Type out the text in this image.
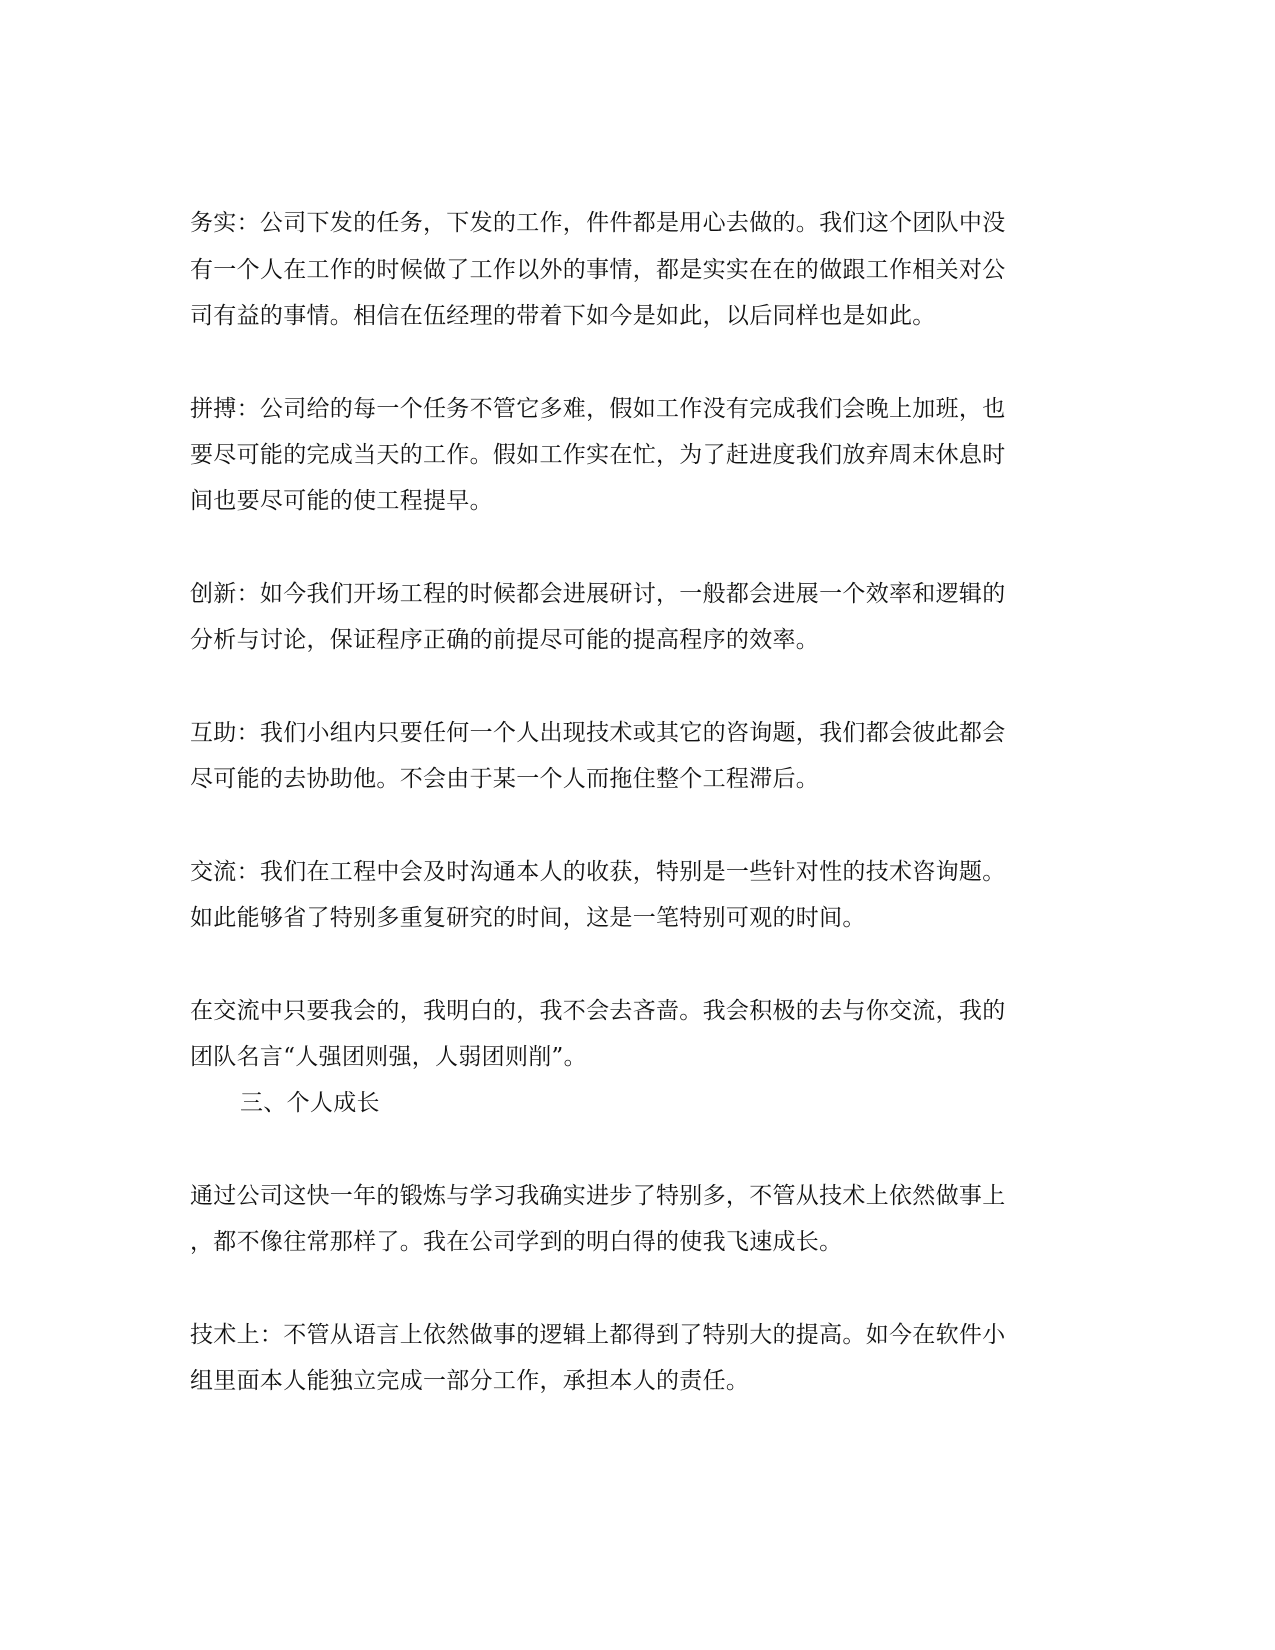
务实：公司下发的任务，下发的工作，件件都是用心去做的。我们这个团队中没

有一个人在工作的时候做了工作以外的事情，都是实实在在的做跟工作相关对公

司有益的事情。相信在伍经理的带着下如今是如此，以后同样也是如此。

拼搏：公司给的每一个任务不管它多难，假如工作没有完成我们会晚上加班，也

要尽可能的完成当天的工作。假如工作实在忙，为了赶进度我们放弃周末休息时

间也要尽可能的使工程提早。

创新：如今我们开场工程的时候都会进展研讨，一般都会进展一个效率和逻辑的

分析与讨论，保证程序正确的前提尽可能的提高程序的效率。

互助：我们小组内只要任何一个人出现技术或其它的咨询题，我们都会彼此都会

尽可能的去协助他。不会由于某一个人而拖住整个工程滞后。

交流：我们在工程中会及时沟通本人的收获，特别是一些针对性的技术咨询题。

如此能够省了特别多重复研究的时间，这是一笔特别可观的时间。

在交流中只要我会的，我明白的，我不会去吝啬。我会积极的去与你交流，我的

团队名言“人强团则强，人弱团则削”。

三、个人成长

通过公司这快一年的锻炼与学习我确实进步了特别多，不管从技术上依然做事上

，都不像往常那样了。我在公司学到的明白得的使我飞速成长。

技术上：不管从语言上依然做事的逻辑上都得到了特别大的提高。如今在软件小

组里面本人能独立完成一部分工作，承担本人的责任。
